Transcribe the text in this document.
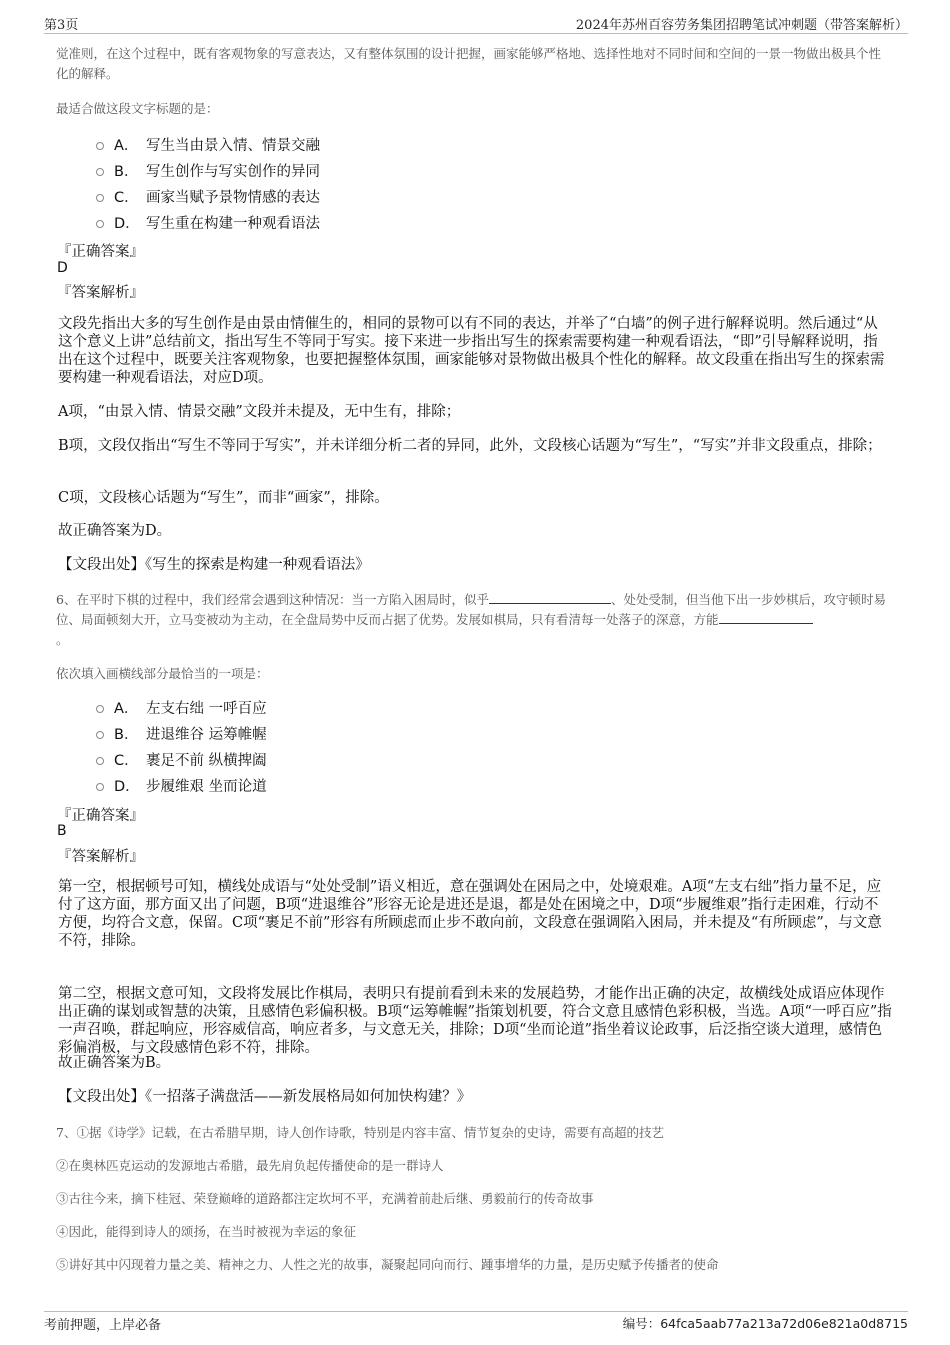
第3页	2024年苏州百容劳务集团招聘笔试冲刺题（带答案解析）
觉准则，在这个过程中，既有客观物象的写意表达，又有整体氛围的设计把握，画家能够严格地、选择性地对不同时间和空间的一景一物做出极具个性化的解释。
最适合做这段文字标题的是：
A． 写生当由景入情、情景交融
B． 写生创作与写实创作的异同
C． 画家当赋予景物情感的表达
D． 写生重在构建一种观看语法
『正确答案』
D
『答案解析』
文段先指出大多的写生创作是由景由情催生的，相同的景物可以有不同的表达，并举了“白墙”的例子进行解释说明。然后通过“从这个意义上讲”总结前文，指出写生不等同于写实。接下来进一步指出写生的探索需要构建一种观看语法，“即”引导解释说明，指出在这个过程中，既要关注客观物象，也要把握整体氛围，画家能够对景物做出极具个性化的解释。故文段重在指出写生的探索需要构建一种观看语法，对应D项。
A项，“由景入情、情景交融”文段并未提及，无中生有，排除；
B项，文段仅指出“写生不等同于写实”，并未详细分析二者的异同，此外，文段核心话题为“写生”，“写实”并非文段重点，排除；
C项，文段核心话题为“写生”，而非“画家”，排除。
故正确答案为D。
【文段出处】《写生的探索是构建一种观看语法》
6、在平时下棋的过程中，我们经常会遇到这种情况：当一方陷入困局时，似乎	、处处受制，但当他下出一步妙棋后，攻守顿时易位、局面顿刻大开，立马变被动为主动，在全盘局势中反而占据了优势。发展如棋局，只有看清每一处落子的深意，方能
。
依次填入画横线部分最恰当的一项是：
A． 左支右绌 一呼百应
B． 进退维谷 运筹帷幄
C． 裹足不前 纵横捭阖
D． 步履维艰 坐而论道
『正确答案』
B
『答案解析』
第一空，根据顿号可知，横线处成语与“处处受制”语义相近，意在强调处在困局之中，处境艰难。A项“左支右绌”指力量不足，应付了这方面，那方面又出了问题，B项“进退维谷”形容无论是进还是退，都是处在困境之中，D项“步履维艰”指行走困难，行动不方便，均符合文意，保留。C项“裹足不前”形容有所顾虑而止步不敢向前，文段意在强调陷入困局，并未提及“有所顾虑”，与文意不符，排除。
第二空，根据文意可知，文段将发展比作棋局，表明只有提前看到未来的发展趋势，才能作出正确的决定，故横线处成语应体现作出正确的谋划或智慧的决策，且感情色彩偏积极。B项“运筹帷幄”指策划机要，符合文意且感情色彩积极，当选。A项“一呼百应”指一声召唤，群起响应，形容威信高，响应者多，与文意无关，排除；D项“坐而论道”指坐着议论政事，后泛指空谈大道理，感情色彩偏消极，与文段感情色彩不符，排除。
故正确答案为B。
【文段出处】《一招落子满盘活——新发展格局如何加快构建？》
7、①据《诗学》记载，在古希腊早期，诗人创作诗歌，特别是内容丰富、情节复杂的史诗，需要有高超的技艺
②在奥林匹克运动的发源地古希腊，最先肩负起传播使命的是一群诗人
③古往今来，摘下桂冠、荣登巅峰的道路都注定坎坷不平，充满着前赴后继、勇毅前行的传奇故事
④因此，能得到诗人的颂扬，在当时被视为幸运的象征
⑤讲好其中闪现着力量之美、精神之力、人性之光的故事，凝聚起同向而行、踵事增华的力量，是历史赋予传播者的使命
考前押题，上岸必备	编号：64fca5aab77a213a72d06e821a0d8715
